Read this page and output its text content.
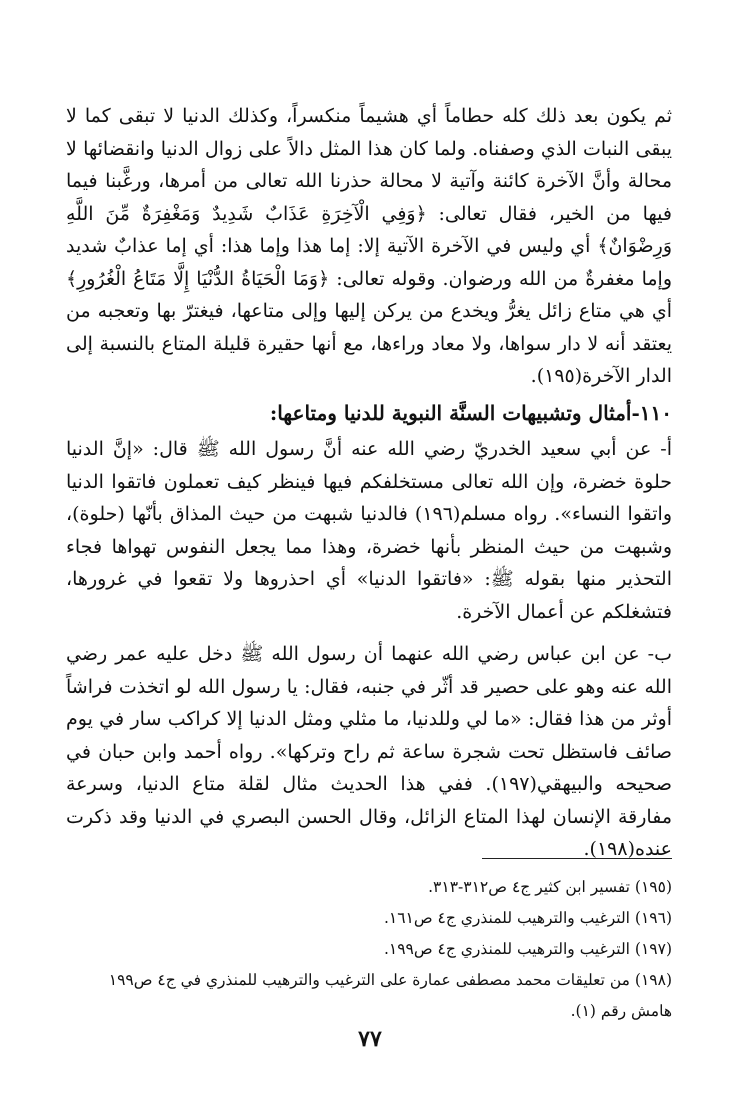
ثم يكون بعد ذلك كله حطاماً أي هشيماً منكسراً، وكذلك الدنيا لا تبقى كما لا يبقى النبات الذي وصفناه. ولما كان هذا المثل دالاً على زوال الدنيا وانقضائها لا محالة وأنَّ الآخرة كائنة وآتية لا محالة حذرنا الله تعالى من أمرها، ورغَّبنا فيما فيها من الخير، فقال تعالى: ﴿وَفِي الْآخِرَةِ عَذَابٌ شَدِيدٌ وَمَغْفِرَةٌ مِّنَ اللَّهِ وَرِضْوَانٌ﴾ أي وليس في الآخرة الآتية إلا: إما هذا وإما هذا: أي إما عذابٌ شديد وإما مغفرةٌ من الله ورضوان. وقوله تعالى: ﴿وَمَا الْحَيَاةُ الدُّنْيَا إِلَّا مَتَاعُ الْغُرُورِ﴾ أي هي متاع زائل يغرُّ ويخدع من يركن إليها وإلى متاعها، فيغترّ بها وتعجبه من يعتقد أنه لا دار سواها، ولا معاد وراءها، مع أنها حقيرة قليلة المتاع بالنسبة إلى الدار الآخرة(١٩٥).

١١٠-أمثال وتشبيهات السنَّة النبوية للدنيا ومتاعها:

أ- عن أبي سعيد الخدريّ رضي الله عنه أنَّ رسول الله ﷺ قال: «إنَّ الدنيا حلوة خضرة، وإن الله تعالى مستخلفكم فيها فينظر كيف تعملون فاتقوا الدنيا واتقوا النساء». رواه مسلم(١٩٦) فالدنيا شبهت من حيث المذاق بأنّها (حلوة)، وشبهت من حيث المنظر بأنها خضرة، وهذا مما يجعل النفوس تهواها فجاء التحذير منها بقوله ﷺ: «فاتقوا الدنيا» أي احذروها ولا تقعوا في غرورها، فتشغلكم عن أعمال الآخرة.

ب- عن ابن عباس رضي الله عنهما أن رسول الله ﷺ دخل عليه عمر رضي الله عنه وهو على حصير قد أثّر في جنبه، فقال: يا رسول الله لو اتخذت فراشاً أوثر من هذا فقال: «ما لي وللدنيا، ما مثلي ومثل الدنيا إلا كراكب سار في يوم صائف فاستظل تحت شجرة ساعة ثم راح وتركها». رواه أحمد وابن حبان في صحيحه والبيهقي(١٩٧). ففي هذا الحديث مثال لقلة متاع الدنيا، وسرعة مفارقة الإنسان لهذا المتاع الزائل، وقال الحسن البصري في الدنيا وقد ذكرت عنده(١٩٨).

(١٩٥) تفسير ابن كثير ج٤ ص٣١٢-٣١٣.

(١٩٦) الترغيب والترهيب للمنذري ج٤ ص١٦١.

(١٩٧) الترغيب والترهيب للمنذري ج٤ ص١٩٩.

(١٩٨) من تعليقات محمد مصطفى عمارة على الترغيب والترهيب للمنذري في ج٤ ص١٩٩ هامش رقم (١).

٧٧
